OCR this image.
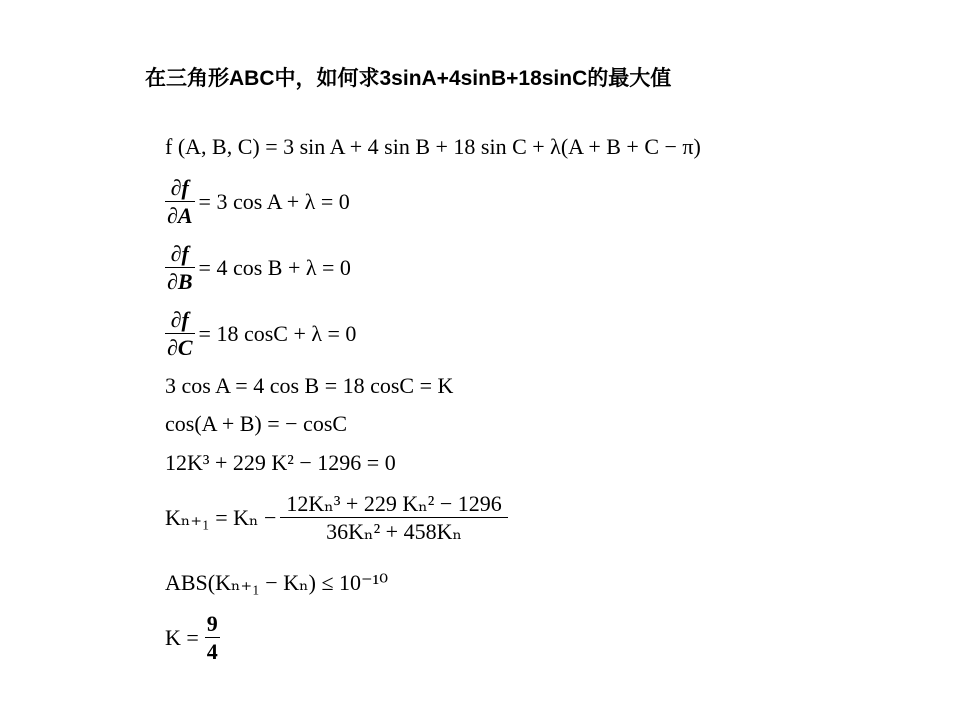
在三角形ABC中，如何求3sinA+4sinB+18sinC的最大值
f (A, B, C) = 3 sin A + 4 sin B + 18 sin C + λ(A + B + C − π)
$\frac{\partial f}{\partial A} = 3$ cos A + λ = 0
$\frac{\partial f}{\partial B} = 4$ cos B + λ = 0
$\frac{\partial f}{\partial C} = 18$ cosC + λ = 0
3 cos A = 4 cos B = 18 cosC = K
cos(A + B) = − cosC
12K³ + 229 K² − 1296 = 0
$K_{n+1} = K_n - \frac{\text{12Kₙ³ + 229 Kₙ² − 1296}}{\text{36Kₙ² + 458Kₙ}}$
ABS(Kₙ₊₁ − Kₙ) ≤ 10⁻¹⁰
$K = \frac{9}{4}$
